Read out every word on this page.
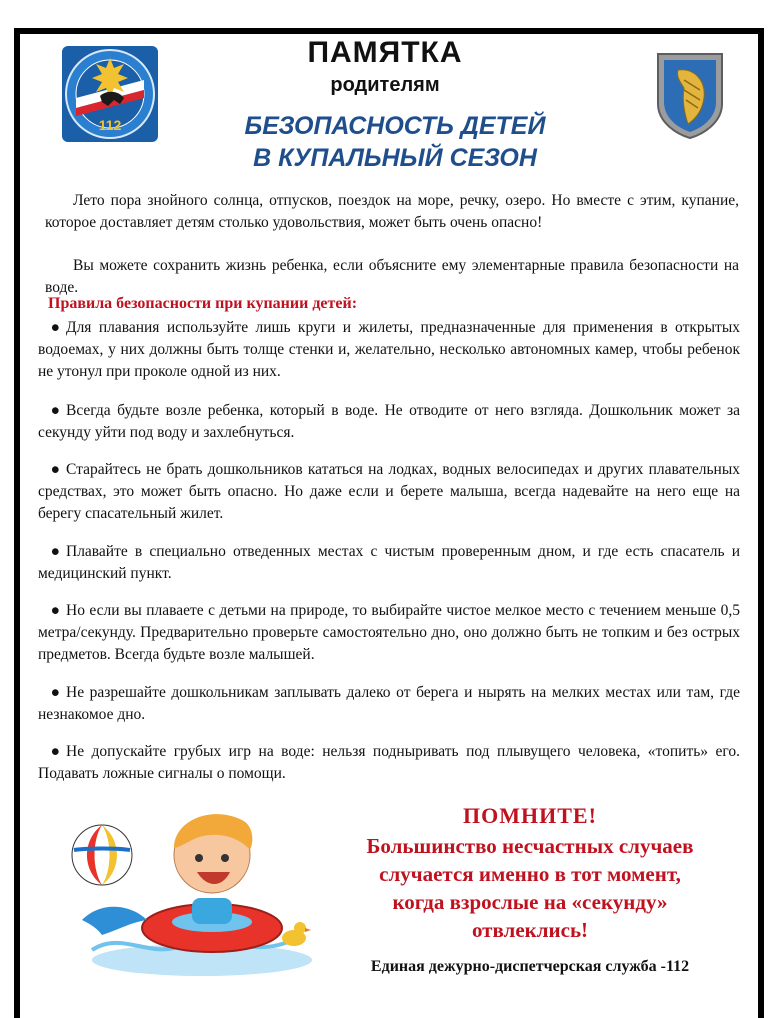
112
ПАМЯТКА
родителям
БЕЗОПАСНОСТЬ ДЕТЕЙ
В КУПАЛЬНЫЙ СЕЗОН

Лето пора знойного солнца, отпусков, поездок на море, речку, озеро. Но вместе с этим, купание, которое доставляет детям столько удовольствия, может быть очень опасно!

Вы можете сохранить жизнь ребенка, если объясните ему элементарные правила безопасности на воде.

Правила безопасности при купании детей:

● Для плавания используйте лишь круги и жилеты, предназначенные для применения в открытых водоемах, у них должны быть толще стенки и, желательно, несколько автономных камер, чтобы ребенок не утонул при проколе одной из них.

● Всегда будьте возле ребенка, который в воде. Не отводите от него взгляда. Дошкольник может за секунду уйти под воду и захлебнуться.

● Старайтесь не брать дошкольников кататься на лодках, водных велосипедах и других плавательных средствах, это может быть опасно. Но даже если и берете малыша, всегда надевайте на него еще на берегу спасательный жилет.

● Плавайте в специально отведенных местах с чистым проверенным дном, и где есть спасатель и медицинский пункт.

● Но если вы плаваете с детьми на природе, то выбирайте чистое мелкое место с течением меньше 0,5 метра/секунду. Предварительно проверьте самостоятельно дно, оно должно быть не топким и без острых предметов. Всегда будьте возле малышей.

● Не разрешайте дошкольникам заплывать далеко от берега и нырять на мелких местах или там, где незнакомое дно.

● Не допускайте грубых игр на воде: нельзя подныривать под плывущего человека, «топить» его. Подавать ложные сигналы о помощи.

ПОМНИТЕ!
Большинство несчастных случаев
случается именно в тот момент,
когда взрослые на «секунду»
отвлеклись!
Единая дежурно-диспетчерская служба -112
